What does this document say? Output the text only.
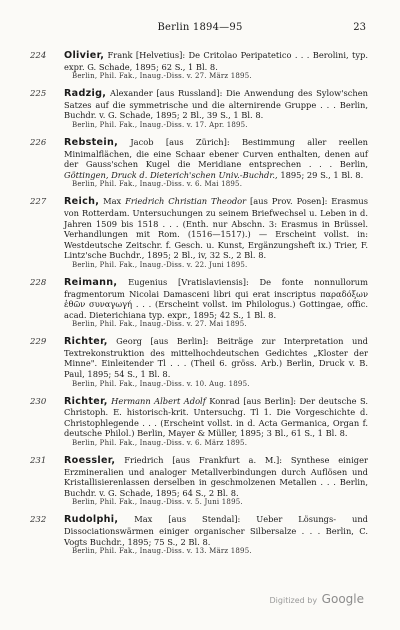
Berlin 1894—95	23
224	Olivier, Frank [Helvetius]: De Critolao Peripatetico . . . Berolini, typ. expr. G. Schade, 1895; 62 S., 1 Bl. 8.
Berlin, Phil. Fak., Inaug.-Diss. v. 27. März 1895.
225	Radzig, Alexander [aus Russland]: Die Anwendung des Sylow'schen Satzes auf die symmetrische und die alternirende Gruppe . . . Berlin, Buchdr. v. G. Schade, 1895; 2 Bl., 39 S., 1 Bl. 8.
Berlin, Phil. Fak., Inaug.-Diss. v. 17. Apr. 1895.
226	Rebstein, Jacob [aus Zürich]: Bestimmung aller reellen Minimalflächen, die eine Schaar ebener Curven enthalten, denen auf der Gauss'schen Kugel die Meridiane entsprechen . . . Berlin, Göttingen, Druck d. Dieterich'schen Univ.-Buchdr., 1895; 29 S., 1 Bl. 8.
Berlin, Phil. Fak., Inaug.-Diss. v. 6. Mai 1895.
227	Reich, Max Friedrich Christian Theodor [aus Prov. Posen]: Erasmus von Rotterdam. Untersuchungen zu seinem Briefwechsel u. Leben in d. Jahren 1509 bis 1518 . . . (Enth. nur Abschn. 3: Erasmus in Brüssel. Verhandlungen mit Rom. (1516—1517).) — Erscheint vollst. in: Westdeutsche Zeitschr. f. Gesch. u. Kunst, Ergänzungsheft ix.) Trier, F. Lintz'sche Buchdr., 1895; 2 Bl., iv, 32 S., 2 Bl. 8.
Berlin, Phil. Fak., Inaug.-Diss. v. 22. Juni 1895.
228	Reimann, Eugenius [Vratislaviensis]: De fonte nonnullorum fragmentorum Nicolai Damasceni libri qui erat inscriptus παραδόξων ἐθῶν συναγωγή . . . (Erscheint vollst. im Philologus.) Gottingae, offic. acad. Dieterichiana typ. expr., 1895; 42 S., 1 Bl. 8.
Berlin, Phil. Fak., Inaug.-Diss. v. 27. Mai 1895.
229	Richter, Georg [aus Berlin]: Beiträge zur Interpretation und Textrekonstruktion des mittelhochdeutschen Gedichtes „Kloster der Minne". Einleitender Tl . . . (Theil 6. gröss. Arb.) Berlin, Druck v. B. Paul, 1895; 54 S., 1 Bl. 8.
Berlin, Phil. Fak., Inaug.-Diss. v. 10. Aug. 1895.
230	Richter, Hermann Albert Adolf Konrad [aus Berlin]: Der deutsche S. Christoph. E. historisch-krit. Untersuchg. Tl 1. Die Vorgeschichte d. Christophlegende . . . (Erscheint vollst. in d. Acta Germanica, Organ f. deutsche Philol.) Berlin, Mayer & Müller, 1895; 3 Bl., 61 S., 1 Bl. 8.
Berlin, Phil. Fak., Inaug.-Diss. v. 6. März 1895.
231	Roessler, Friedrich [aus Frankfurt a. M.]: Synthese einiger Erzmineralien und analoger Metallverbindungen durch Auflösen und Kristallisierenlassen derselben in geschmolzenen Metallen . . . Berlin, Buchdr. v. G. Schade, 1895; 64 S., 2 Bl. 8.
Berlin, Phil. Fak., Inaug.-Diss. v. 5. Juni 1895.
232	Rudolphi, Max [aus Stendal]: Ueber Lösungs- und Dissociationswärmen einiger organischer Silbersalze . . . Berlin, C. Vogts Buchdr., 1895; 75 S., 2 Bl. 8.
Berlin, Phil. Fak., Inaug.-Diss. v. 13. März 1895.
Digitized by Google
